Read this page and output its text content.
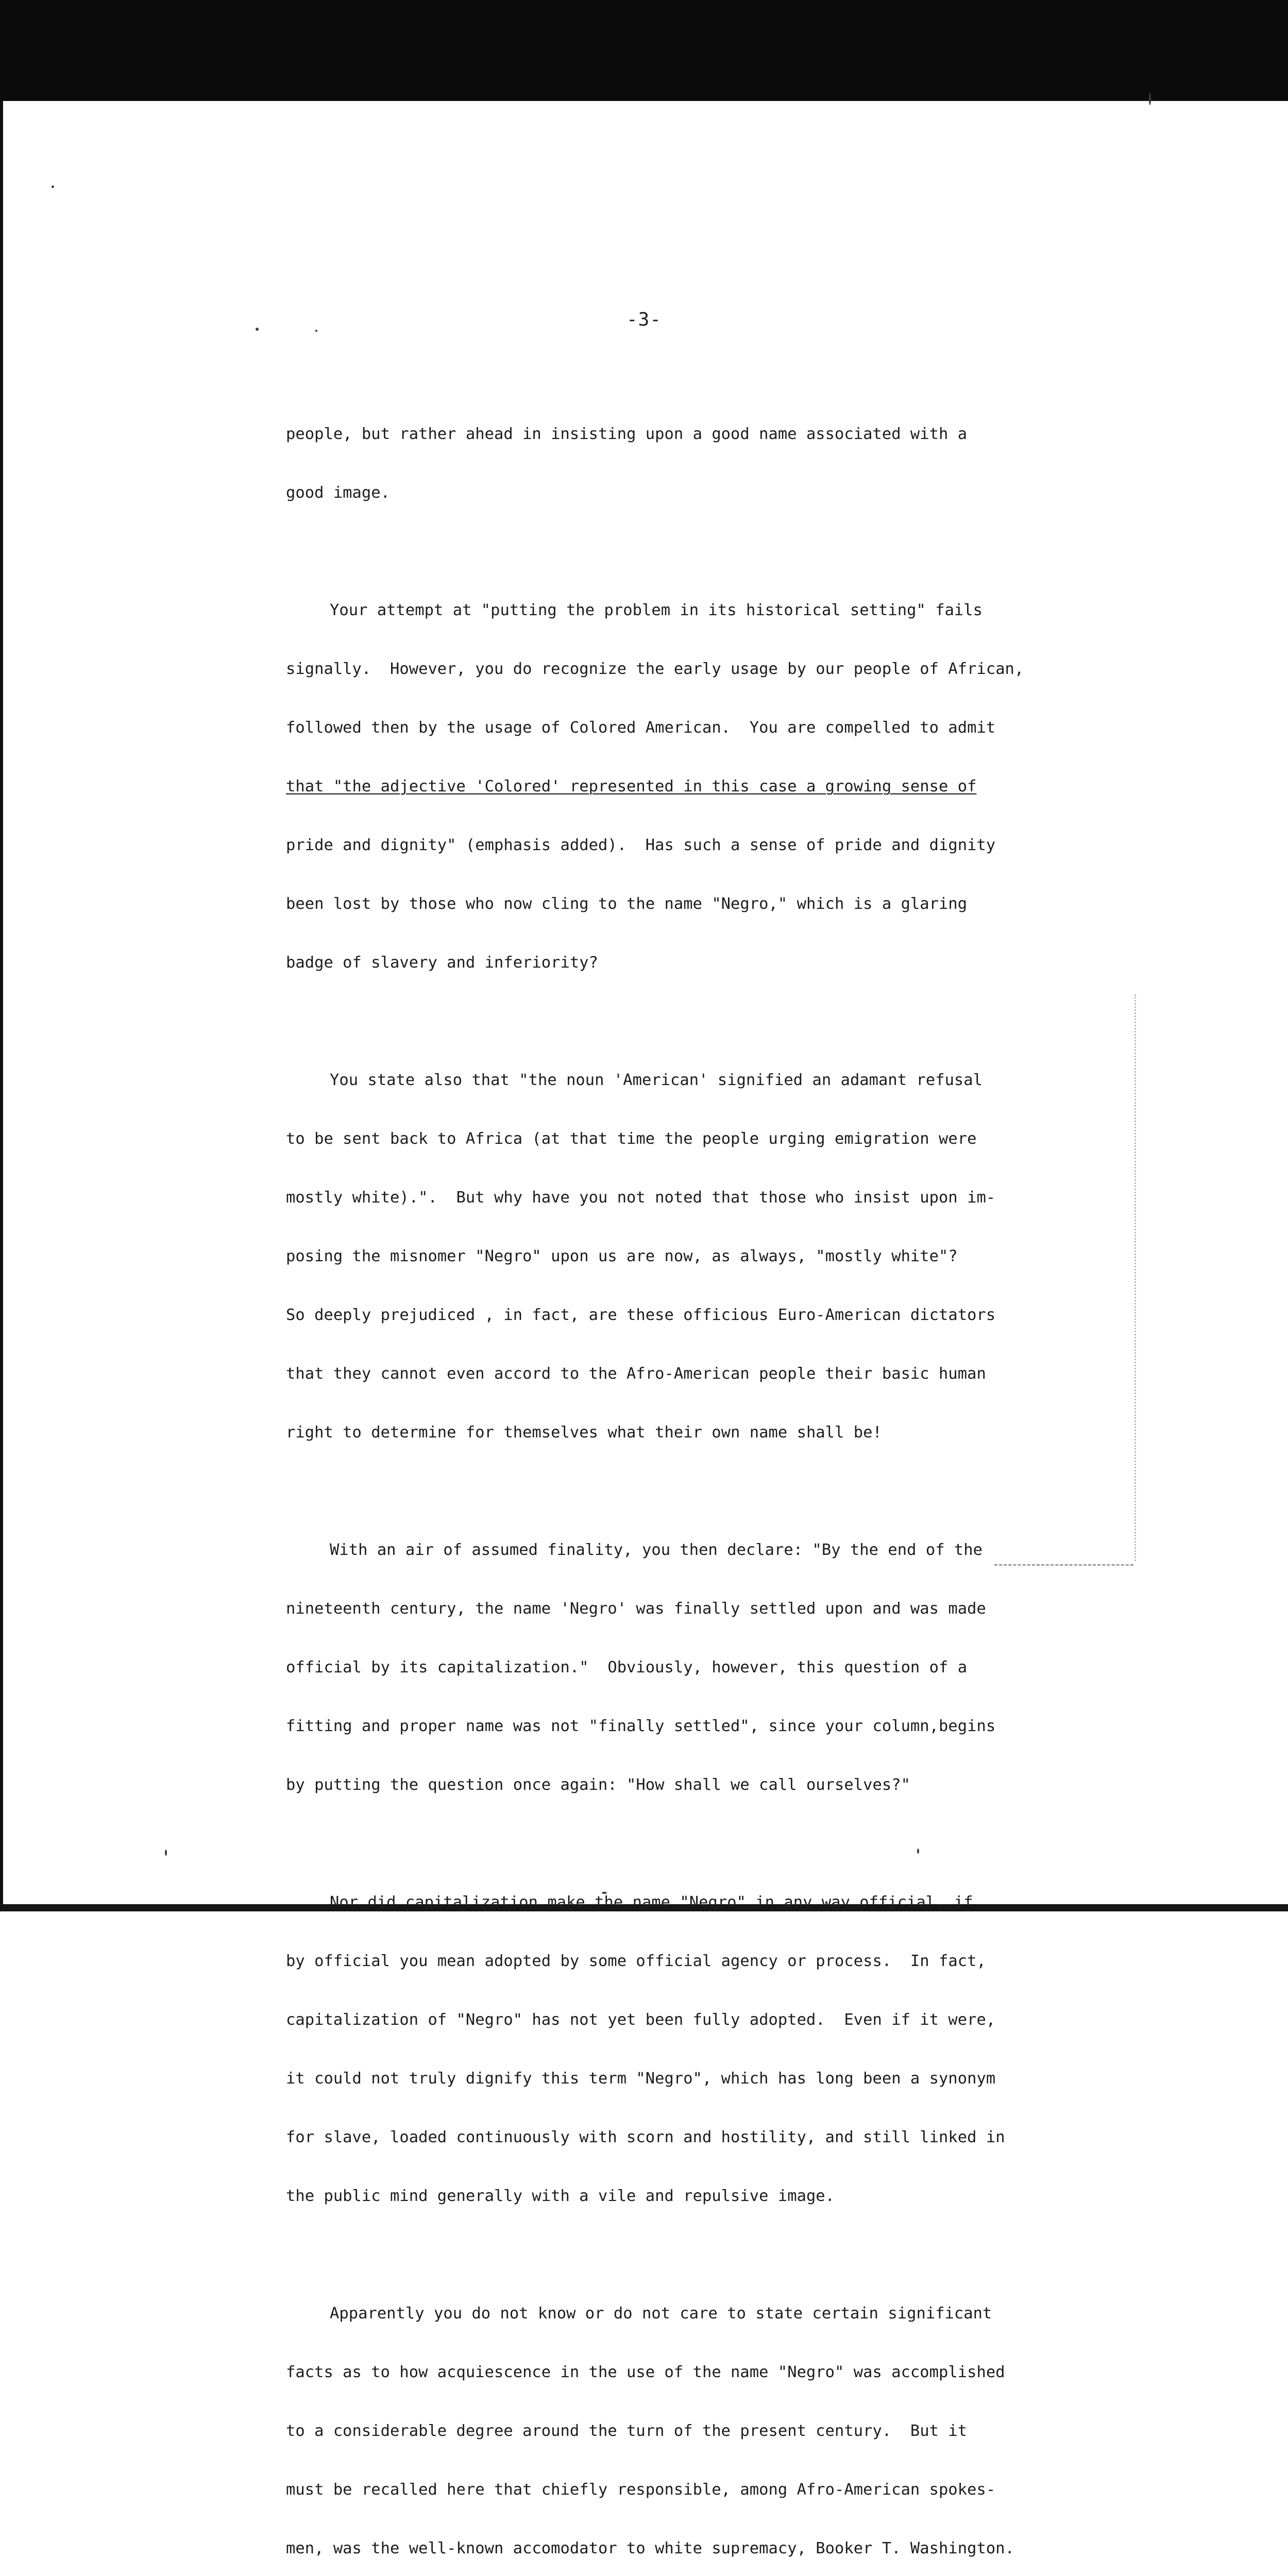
-3-

people, but rather ahead in insisting upon a good name associated with a

good image.

Your attempt at "putting the problem in its historical setting" fails

signally.  However, you do recognize the early usage by our people of African,

followed then by the usage of Colored American.  You are compelled to admit

that "the adjective 'Colored' represented in this case a growing sense of

pride and dignity" (emphasis added).  Has such a sense of pride and dignity

been lost by those who now cling to the name "Negro," which is a glaring

badge of slavery and inferiority?

You state also that "the noun 'American' signified an adamant refusal

to be sent back to Africa (at that time the people urging emigration were

mostly white).".  But why have you not noted that those who insist upon im-

posing the misnomer "Negro" upon us are now, as always, "mostly white"?

So deeply prejudiced , in fact, are these officious Euro-American dictators

that they cannot even accord to the Afro-American people their basic human

right to determine for themselves what their own name shall be!

With an air of assumed finality, you then declare: "By the end of the

nineteenth century, the name 'Negro' was finally settled upon and was made

official by its capitalization."  Obviously, however, this question of a

fitting and proper name was not "finally settled", since your column,begins

by putting the question once again: "How shall we call ourselves?"

Nor did capitalization make the name "Negro" in any way official, if

by official you mean adopted by some official agency or process.  In fact,

capitalization of "Negro" has not yet been fully adopted.  Even if it were,

it could not truly dignify this term "Negro", which has long been a synonym

for slave, loaded continuously with scorn and hostility, and still linked in

the public mind generally with a vile and repulsive image.

Apparently you do not know or do not care to state certain significant

facts as to how acquiescence in the use of the name "Negro" was accomplished

to a considerable degree around the turn of the present century.  But it

must be recalled here that chiefly responsible, among Afro-American spokes-

men, was the well-known accomodator to white supremacy, Booker T. Washington.
